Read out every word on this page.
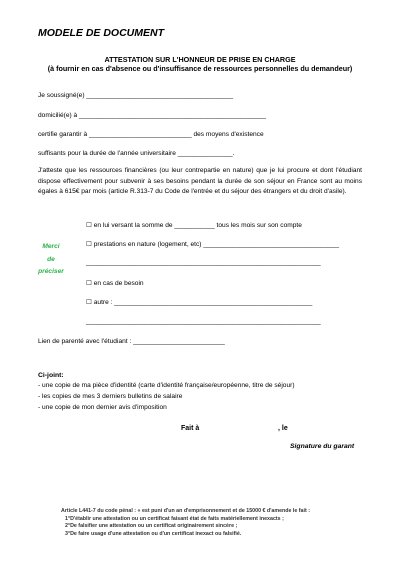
MODELE DE DOCUMENT
ATTESTATION SUR L'HONNEUR DE PRISE EN CHARGE
(à fournir en cas d'absence ou d'insuffisance de ressources personnelles du demandeur)
Je soussigné(e) ________________________________________
domicilié(e) à ___________________________________________________
certifie garantir à ____________________________ des moyens d'existence
suffisants pour la durée de l'année universitaire _______________.
J'atteste que les ressources financières (ou leur contrepartie en nature) que je lui procure et dont l'étudiant dispose effectivement pour subvenir à ses besoins pendant la durée de son séjour en France sont au moins égales à 615€ par mois (article R.313-7 du Code de l'entrée et du séjour des étrangers et du droit d'asile).
Merci
de
préciser
☐ en lui versant la somme de ___________ tous les mois sur son compte
☐ prestations en nature (logement, etc) _____________________________________
________________________________________________________________
☐ en cas de besoin
☐ autre : ______________________________________________________
________________________________________________________________
Lien de parenté avec l'étudiant : _________________________
Ci-joint:
- une copie de ma pièce d'identité (carte d'identité française/européenne, titre de séjour)
- les copies de mes 3 derniers bulletins de salaire
- une copie de mon dernier avis d'imposition
Fait à	, le
Signature du garant
Article L441-7 du code pénal : « est puni d'un an d'emprisonnement et de 15000 € d'amende le fait :
1°D'établir une attestation ou un certificat faisant état de faits matériellement inexacts ;
2°De falsifier une attestation ou un certificat originairement sincère ;
3°De faire usage d'une attestation ou d'un certificat inexact ou falsifié.
